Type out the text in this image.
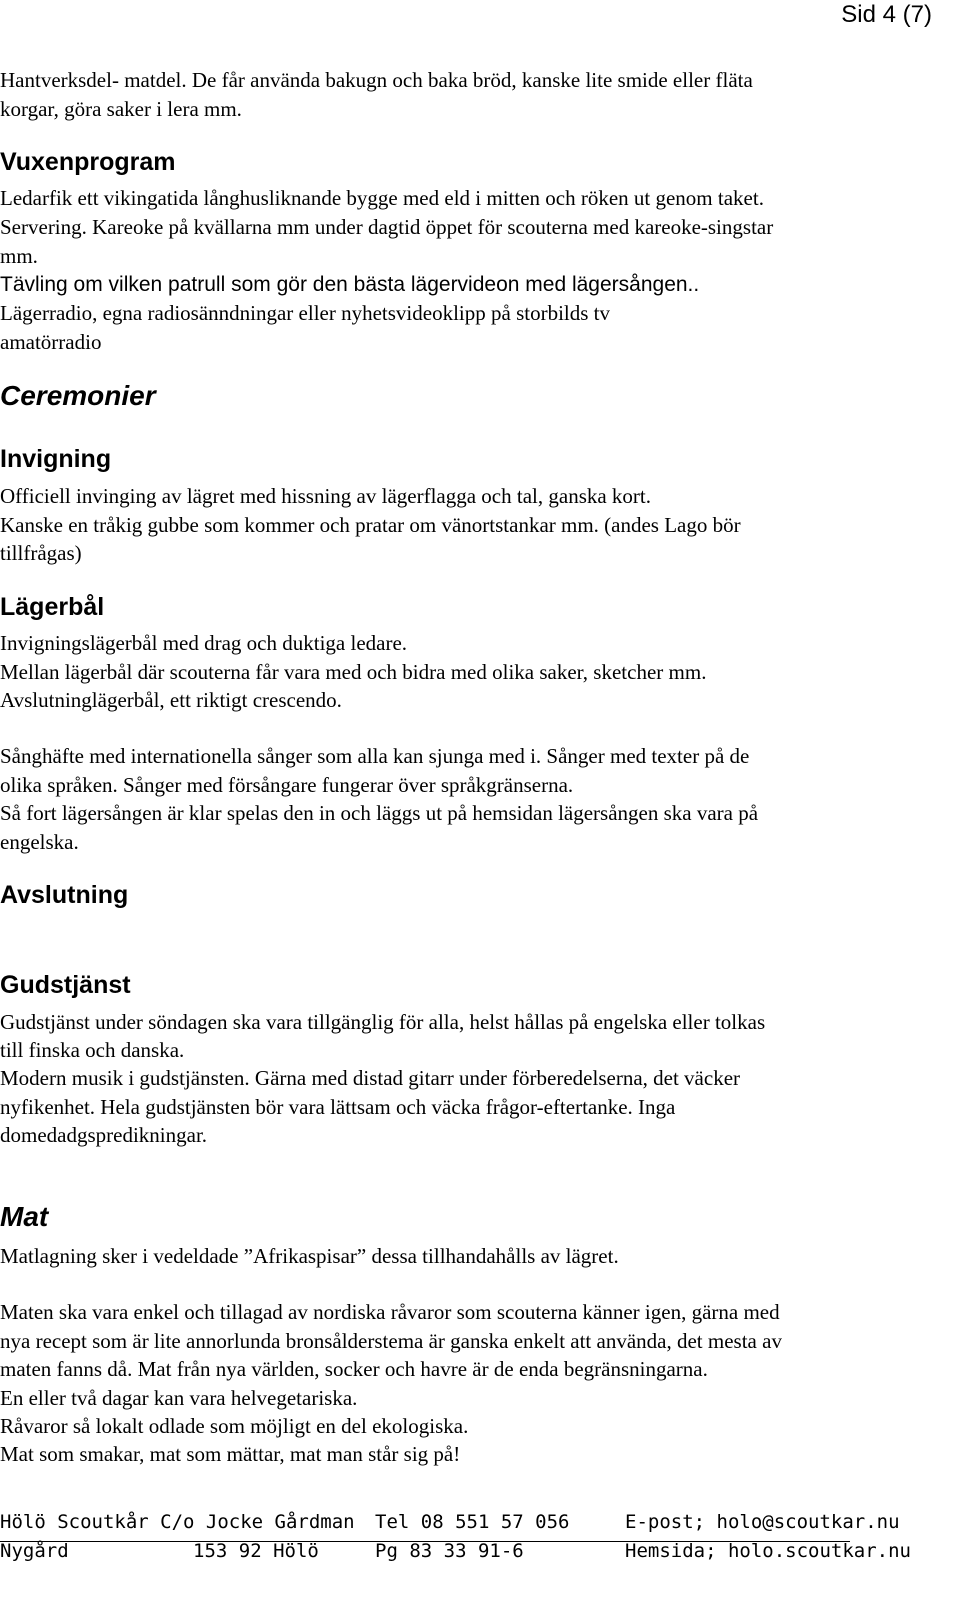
Sid 4 (7)

Hantverksdel- matdel. De får använda bakugn och baka bröd, kanske lite smide eller fläta

korgar, göra saker i lera mm.

Vuxenprogram

Ledarfik ett vikingatida långhusliknande bygge med eld i mitten och röken ut genom taket.

Servering. Kareoke på kvällarna mm under dagtid öppet för scouterna med kareoke-singstar

mm.

Tävling om vilken patrull som gör den bästa lägervideon med lägersången..

Lägerradio, egna radiosänndningar eller nyhetsvideoklipp på storbilds tv

amatörradio

Ceremonier
Invigning

Officiell invinging av lägret med hissning av lägerflagga och tal, ganska kort.

Kanske en tråkig gubbe som kommer och pratar om vänortstankar mm. (andes Lago bör

tillfrågas)

Lägerbål

Invigningslägerbål med drag och duktiga ledare.

Mellan lägerbål där scouterna får vara med och bidra med olika saker, sketcher mm.

Avslutninglägerbål, ett riktigt crescendo.

Sånghäfte med internationella sånger som alla kan sjunga med i. Sånger med texter på de

olika språken. Sånger med försångare fungerar över språkgränserna.

Så fort lägersången är klar spelas den in och läggs ut på hemsidan lägersången ska vara på

engelska.

Avslutning
Gudstjänst

Gudstjänst under söndagen ska vara tillgänglig för alla, helst hållas på engelska eller tolkas

till finska och danska.

Modern musik i gudstjänsten. Gärna med distad gitarr under förberedelserna, det väcker

nyfikenhet. Hela gudstjänsten bör vara lättsam och väcka frågor-eftertanke. Inga

domedadgspredikningar.

Mat

Matlagning sker i vedeldade ”Afrikaspisar” dessa tillhandahålls av lägret.

Maten ska vara enkel och tillagad av nordiska råvaror som scouterna känner igen, gärna med

nya recept som är lite annorlunda bronsålderstema är ganska enkelt att använda, det mesta av

maten fanns då. Mat från nya världen, socker och havre är de enda begränsningarna.

En eller två dagar kan vara helvegetariska.

Råvaror så lokalt odlade som möjligt en del ekologiska.

Mat som smakar, mat som mättar, mat man står sig på!

Hölö Scoutkår C/o Jocke Gårdman
Nygård	153 92 Hölö
Tel 08 551 57 056
Pg 83 33 91-6
E-post; holo@scoutkar.nu
Hemsida; holo.scoutkar.nu
